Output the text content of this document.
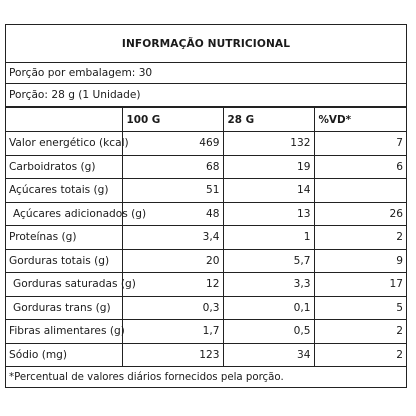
INFORMAÇÃO NUTRICIONAL
Porção por embalagem: 30
Porção: 28 g (1 Unidade)
	100 G	28 G	%VD*
Valor energético (kcal)	469	132	7
Carboidratos (g)	68	19	6
Açúcares totais (g)	51	14	
Açúcares adicionados (g)	48	13	26
Proteínas (g)	3,4	1	2
Gorduras totais (g)	20	5,7	9
Gorduras saturadas (g)	12	3,3	17
Gorduras trans (g)	0,3	0,1	5
Fibras alimentares (g)	1,7	0,5	2
Sódio (mg)	123	34	2
*Percentual de valores diários fornecidos pela porção.
